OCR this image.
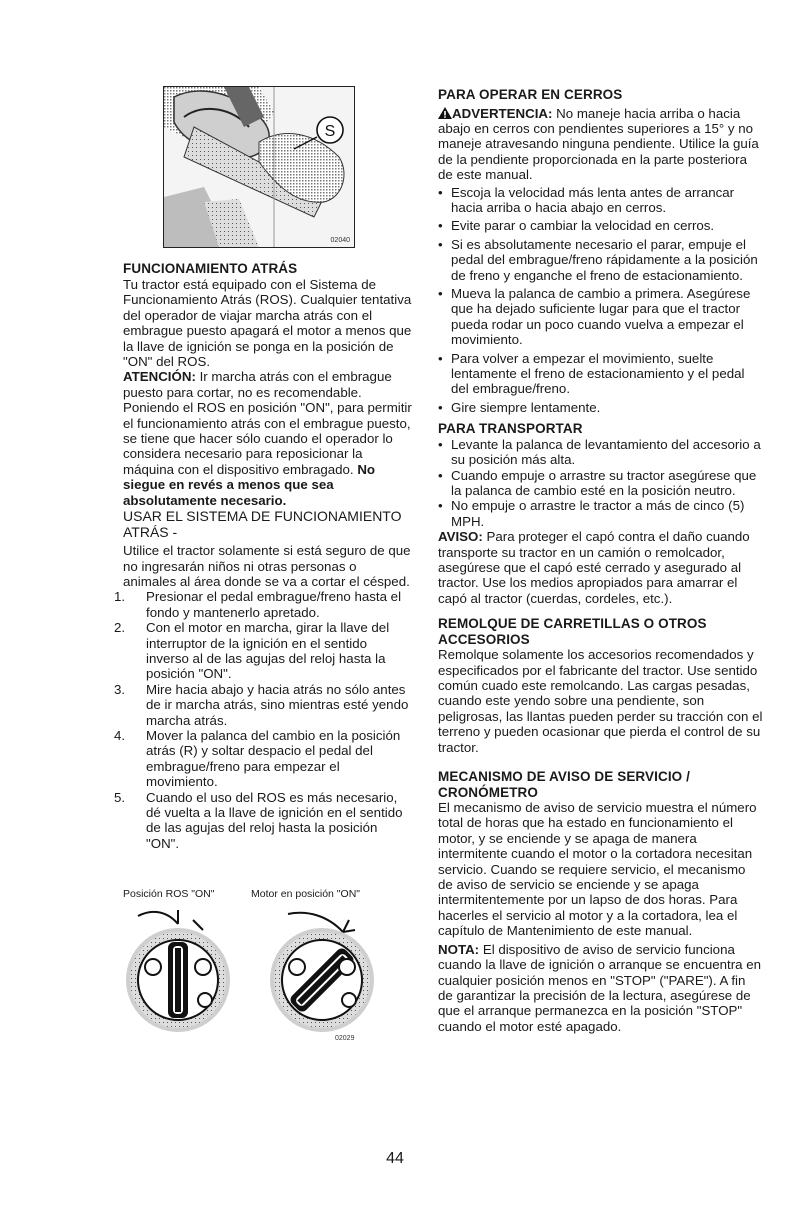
S
02040
FUNCIONAMIENTO ATRÁS

Tu tractor está equipado con el Sistema de Funcionamiento Atrás (ROS). Cualquier tentativa del operador de viajar marcha atrás con el embrague puesto apagará el motor a menos que la llave de ignición se ponga en la posición de "ON" del ROS.

ATENCIÓN: Ir marcha atrás con el embrague puesto para cortar, no es recomendable. Poniendo el ROS en posición "ON", para permitir el funcionamiento atrás con el embrague puesto, se tiene que hacer sólo cuando el operador lo considera necesario para reposicionar la máquina con el dispositivo embragado. No siegue en revés a menos que sea absolutamente necesario.

USAR EL SISTEMA DE FUNCIONAMIENTO ATRÁS -

Utilice el tractor solamente si está seguro de que no ingresarán niños ni otras personas o animales al área donde se va a cortar el césped.

1. Presionar el pedal embrague/freno hasta el fondo y mantenerlo apretado.
2. Con el motor en marcha, girar la llave del interruptor de la ignición en el sentido inverso al de las agujas del reloj hasta la posición "ON".
3. Mire hacia abajo y hacia atrás no sólo antes de ir marcha atrás, sino mientras esté yendo marcha atrás.
4. Mover la palanca del cambio en la posición atrás (R) y soltar despacio el pedal del embrague/freno para empezar el movimiento.
5. Cuando el uso del ROS es más necesario, dé vuelta a la llave de ignición en el sentido de las agujas del reloj hasta la posición "ON".
Posición ROS "ON"	Motor en posición "ON"
02029
PARA OPERAR EN CERROS

ADVERTENCIA: No maneje hacia arriba o hacia abajo en cerros con pendientes superiores a 15° y no maneje atravesando ninguna pendiente. Utilice la guía de la pendiente proporcionada en la parte posteriora de este manual.

• Escoja la velocidad más lenta antes de arrancar hacia arriba o hacia abajo en cerros.
• Evite parar o cambiar la velocidad en cerros.
• Si es absolutamente necesario el parar, empuje el pedal del embrague/freno rápidamente a la posición de freno y enganche el freno de estacionamiento.
• Mueva la palanca de cambio a primera. Asegúrese que ha dejado suficiente lugar para que el tractor pueda rodar un poco cuando vuelva a empezar el movimiento.
• Para volver a empezar el movimiento, suelte lentamente el freno de estacionamiento y el pedal del embrague/freno.
• Gire siempre lentamente.
PARA TRANSPORTAR
• Levante la palanca de levantamiento del accesorio a su posición más alta.
• Cuando empuje o arrastre su tractor asegúrese que la palanca de cambio esté en la posición neutro.
• No empuje o arrastre le tractor a más de cinco (5) MPH.

AVISO: Para proteger el capó contra el daño cuando transporte su tractor en un camión o remolcador, asegúrese que el capó esté cerrado y asegurado al tractor. Use los medios apropiados para amarrar el capó al tractor (cuerdas, cordeles, etc.).

REMOLQUE DE CARRETILLAS O OTROS ACCESORIOS

Remolque solamente los accesorios recomendados y especificados por el fabricante del tractor. Use sentido común cuado este remolcando. Las cargas pesadas, cuando este yendo sobre una pendiente, son peligrosas, las llantas pueden perder su tracción con el terreno y pueden ocasionar que pierda el control de su tractor.

MECANISMO DE AVISO DE SERVICIO / CRONÓMETRO

El mecanismo de aviso de servicio muestra el número total de horas que ha estado en funcionamiento el motor, y se enciende y se apaga de manera intermitente cuando el motor o la cortadora necesitan servicio. Cuando se requiere servicio, el mecanismo de aviso de servicio se enciende y se apaga intermitentemente por un lapso de dos horas. Para hacerles el servicio al motor y a la cortadora, lea el capítulo de Mantenimiento de este manual.

NOTA: El dispositivo de aviso de servicio funciona cuando la llave de ignición o arranque se encuentra en cualquier posición menos en "STOP" ("PARE"). A fin de garantizar la precisión de la lectura, asegúrese de que el arranque permanezca en la posición "STOP" cuando el motor esté apagado.

44
